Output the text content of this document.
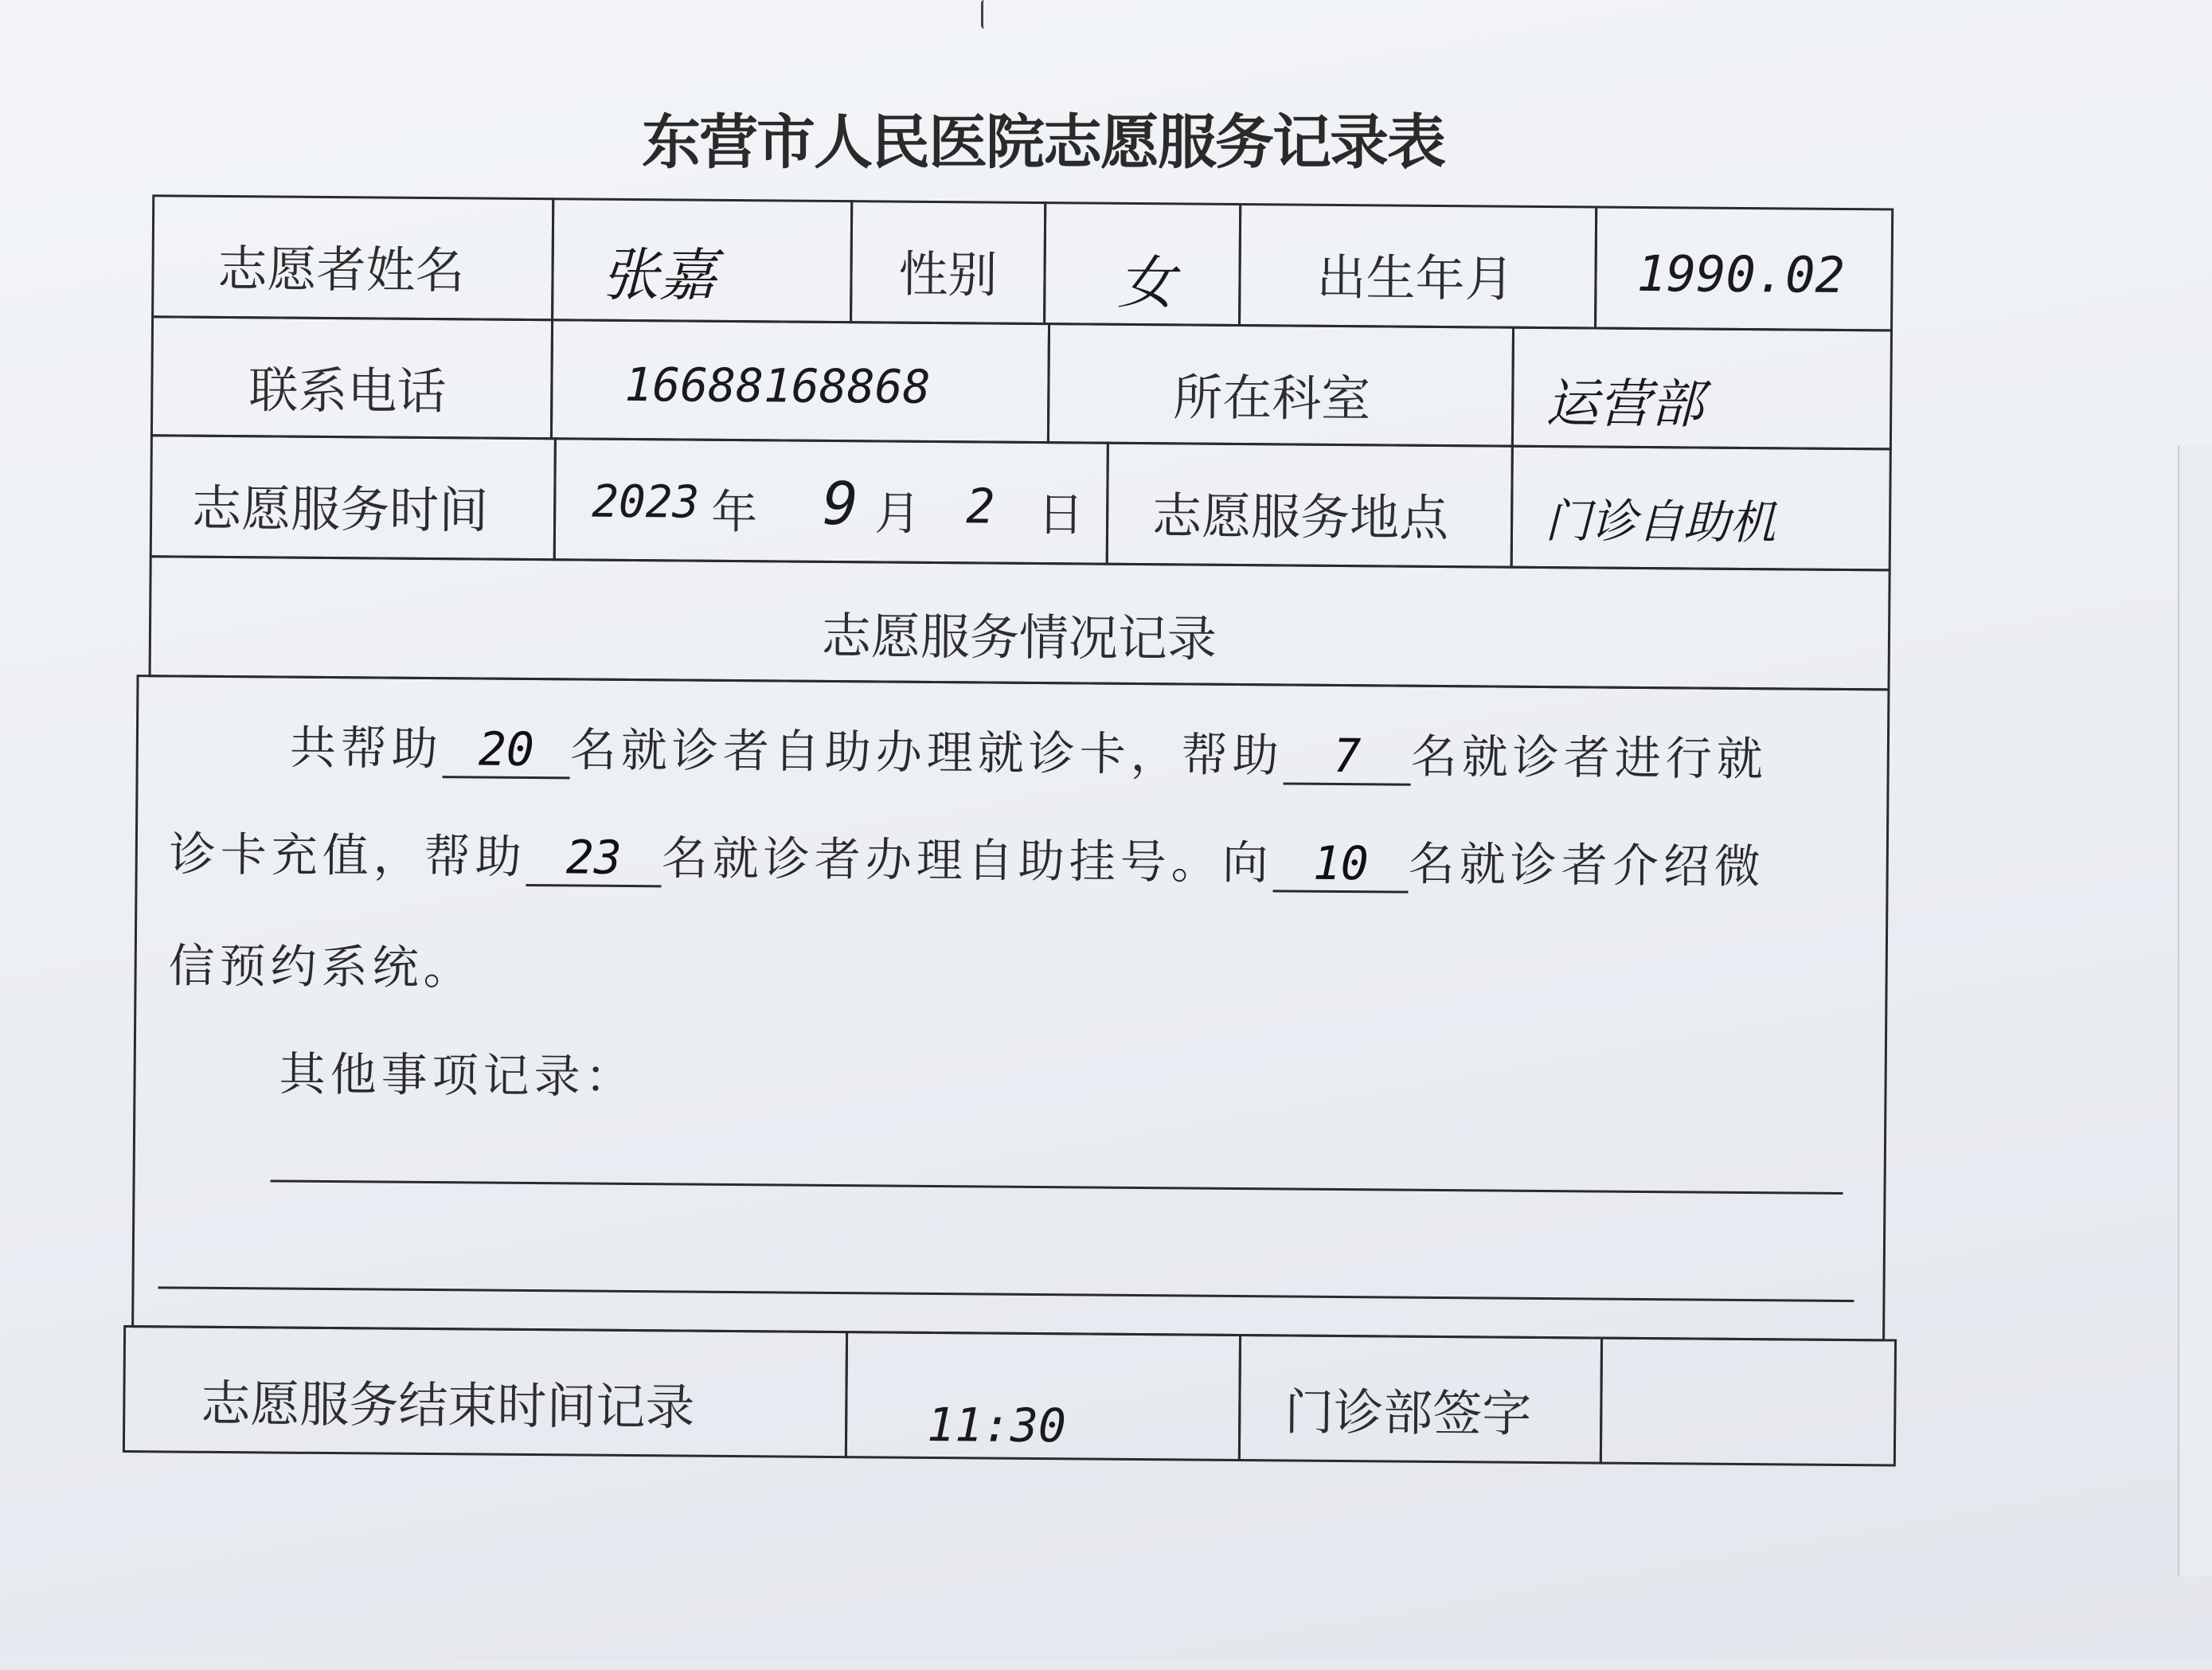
东营市人民医院志愿服务记录表
志愿者姓名 张嘉	性别 女	出生年月 1990.02
联系电话	16688168868	所在科室	运营部
志愿服务时间 2023 年 9 月 2 日 志愿服务地点 门诊自助机
志愿服务情况记录
共帮助 20 名就诊者自助办理就诊卡，帮助 7 名就诊者进行就
诊卡充值，帮助 23 名就诊者办理自助挂号。向 10 名就诊者介绍微
信预约系统。
其他事项记录：
志愿服务结束时间记录	11:30	门诊部签字
